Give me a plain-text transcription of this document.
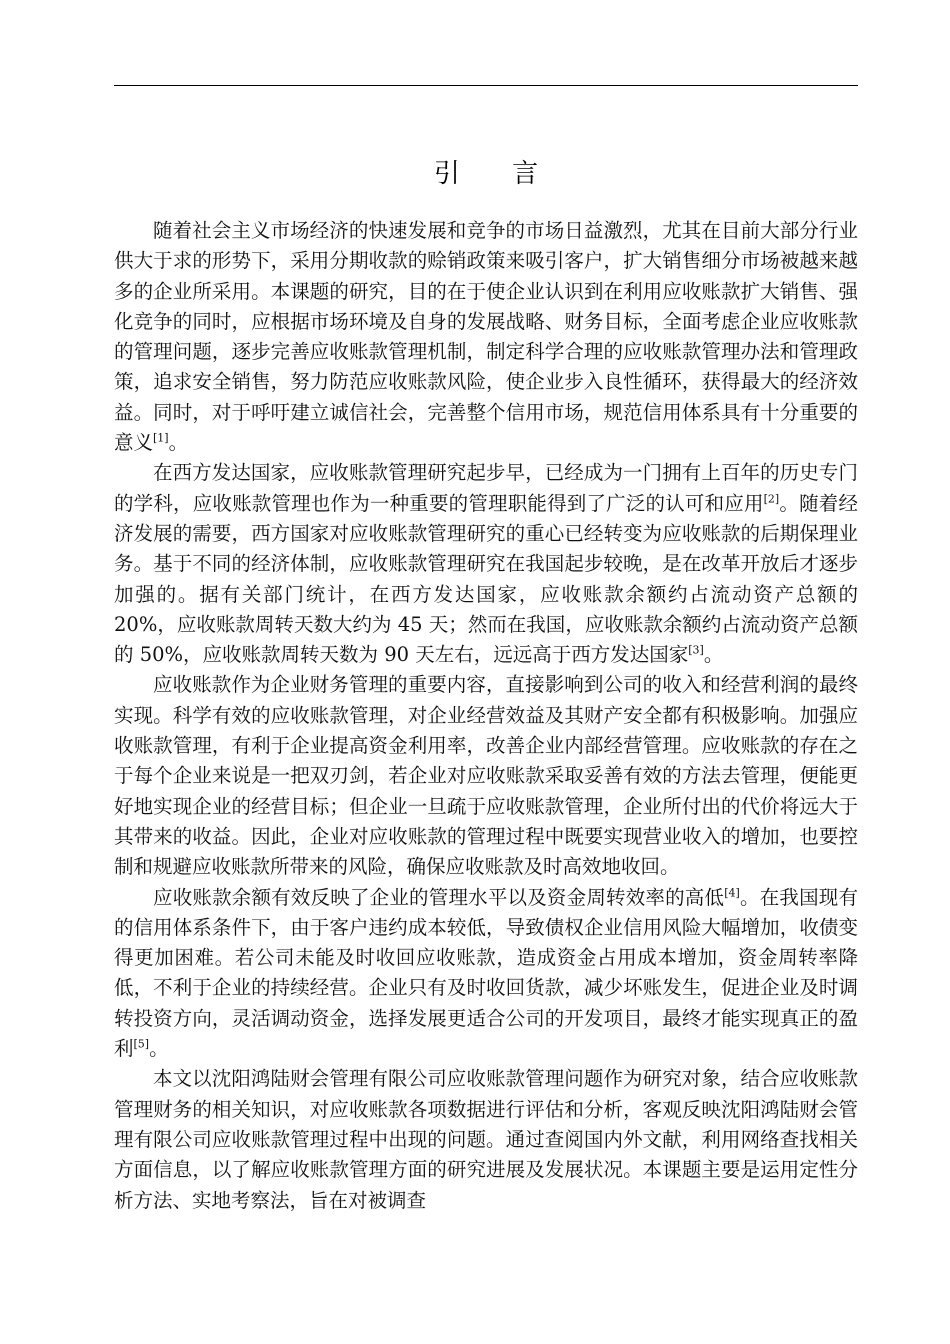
引 言

随着社会主义市场经济的快速发展和竞争的市场日益激烈，尤其在目前大部分行业供大于求的形势下，采用分期收款的赊销政策来吸引客户，扩大销售细分市场被越来越多的企业所采用。本课题的研究，目的在于使企业认识到在利用应收账款扩大销售、强化竞争的同时，应根据市场环境及自身的发展战略、财务目标，全面考虑企业应收账款的管理问题，逐步完善应收账款管理机制，制定科学合理的应收账款管理办法和管理政策，追求安全销售，努力防范应收账款风险，使企业步入良性循环，获得最大的经济效益。同时，对于呼吁建立诚信社会，完善整个信用市场，规范信用体系具有十分重要的意义[1]。

在西方发达国家，应收账款管理研究起步早，已经成为一门拥有上百年的历史专门的学科，应收账款管理也作为一种重要的管理职能得到了广泛的认可和应用[2]。随着经济发展的需要，西方国家对应收账款管理研究的重心已经转变为应收账款的后期保理业务。基于不同的经济体制，应收账款管理研究在我国起步较晚，是在改革开放后才逐步加强的。据有关部门统计，在西方发达国家，应收账款余额约占流动资产总额的 20%，应收账款周转天数大约为 45 天；然而在我国，应收账款余额约占流动资产总额的 50%，应收账款周转天数为 90 天左右，远远高于西方发达国家[3]。

应收账款作为企业财务管理的重要内容，直接影响到公司的收入和经营利润的最终实现。科学有效的应收账款管理，对企业经营效益及其财产安全都有积极影响。加强应收账款管理，有利于企业提高资金利用率，改善企业内部经营管理。应收账款的存在之于每个企业来说是一把双刃剑，若企业对应收账款采取妥善有效的方法去管理，便能更好地实现企业的经营目标；但企业一旦疏于应收账款管理，企业所付出的代价将远大于其带来的收益。因此，企业对应收账款的管理过程中既要实现营业收入的增加，也要控制和规避应收账款所带来的风险，确保应收账款及时高效地收回。

应收账款余额有效反映了企业的管理水平以及资金周转效率的高低[4]。在我国现有的信用体系条件下，由于客户违约成本较低，导致债权企业信用风险大幅增加，收债变得更加困难。若公司未能及时收回应收账款，造成资金占用成本增加，资金周转率降低，不利于企业的持续经营。企业只有及时收回货款，减少坏账发生，促进企业及时调转投资方向，灵活调动资金，选择发展更适合公司的开发项目，最终才能实现真正的盈利[5]。

本文以沈阳鸿陆财会管理有限公司应收账款管理问题作为研究对象，结合应收账款管理财务的相关知识，对应收账款各项数据进行评估和分析，客观反映沈阳鸿陆财会管理有限公司应收账款管理过程中出现的问题。通过查阅国内外文献，利用网络查找相关方面信息，以了解应收账款管理方面的研究进展及发展状况。本课题主要是运用定性分析方法、实地考察法，旨在对被调查
